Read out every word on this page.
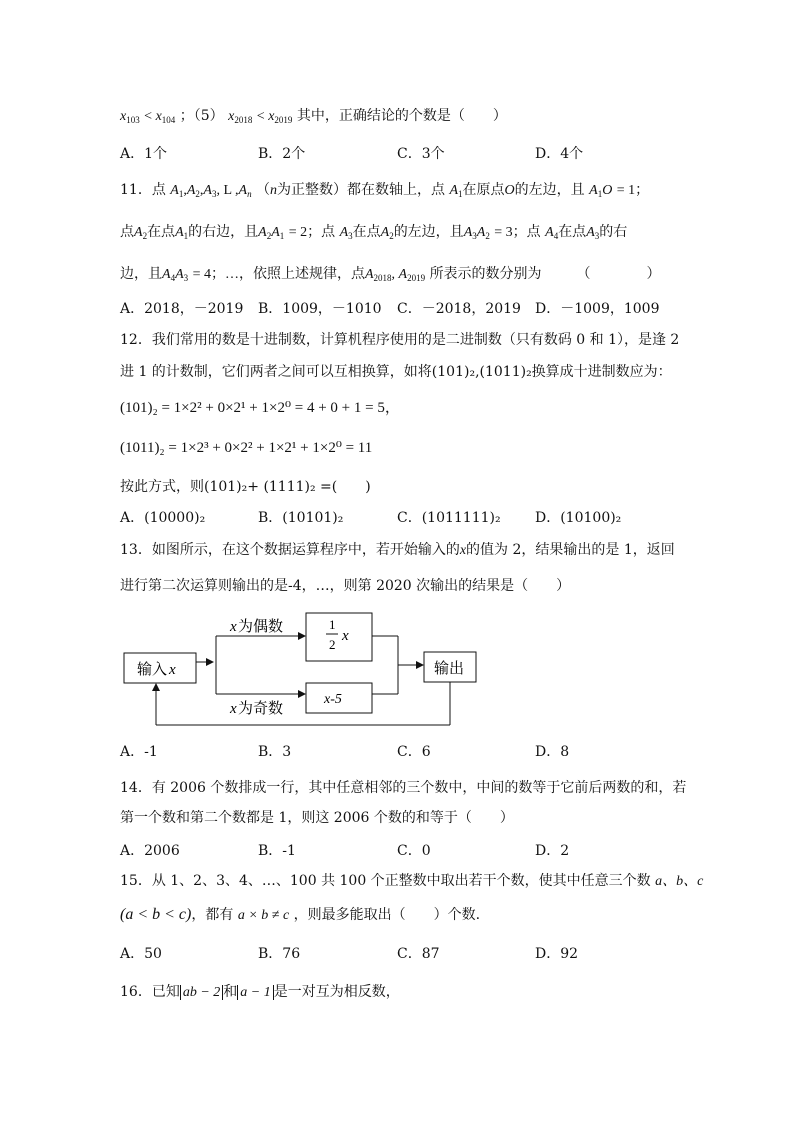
$x_{103} < x_{104}$ ；（5） $x_{2018} < x_{2019}$ 其中，正确结论的个数是（　　）
A．1个	B．2个	C．3个	D．4个
11．点 $A_1,A_2,A_3$, L $,A_n$ （n为正整数）都在数轴上，点 $A_1$在原点O的左边，且 $A_1O = 1$；
点$A_2$在点$A_1$的右边，且$A_2A_1 = 2$；点 $A_3$在点$A_2$的左边，且$A_3A_2 = 3$；点 $A_4$在点$A_3$的右
边，且$A_4A_3 = 4$；…，依照上述规律，点$A_{2018}$, $A_{2019}$ 所表示的数分别为　　　（　　　　）
A．2018，－2019 B．1009，－1010 C．－2018，2019 D．－1009，1009
12．我们常用的数是十进制数，计算机程序使用的是二进制数（只有数码 0 和 1），是逢 2
进 1 的计数制，它们两者之间可以互相换算，如将(101)₂,(1011)₂换算成十进制数应为：
(101)₂ = 1×2² + 0×2¹ + 1×2⁰ = 4 + 0 + 1 = 5，
(1011)₂ = 1×2³ + 0×2² + 1×2¹ + 1×2⁰ = 11
按此方式，则(101)₂+ (1111)₂ =(　　)
A．(10000)₂	B．(10101)₂	C．(1011111)₂ D．(10100)₂
13．如图所示，在这个数据运算程序中，若开始输入的x的值为 2，结果输出的是 1，返回
进行第二次运算则输出的是-4，…，则第 2020 次输出的结果是（　　）
输入 x
x 为偶数	1
2
x
x 为奇数	x-5
输出
A．-1	B．3	C．6	D．8
14．有 2006 个数排成一行，其中任意相邻的三个数中，中间的数等于它前后两数的和，若
第一个数和第二个数都是 1，则这 2006 个数的和等于（　　）
A．2006	B．-1	C．0	D．2
15．从 1、2、3、4、…、100 共 100 个正整数中取出若干个数，使其中任意三个数 a、b、c
(a < b < c)，都有 a × b ≠ c ，则最多能取出（　　）个数.
A．50	B．76	C．87	D．92
16．已知 ab − 2 和 a − 1 是一对互为相反数，
